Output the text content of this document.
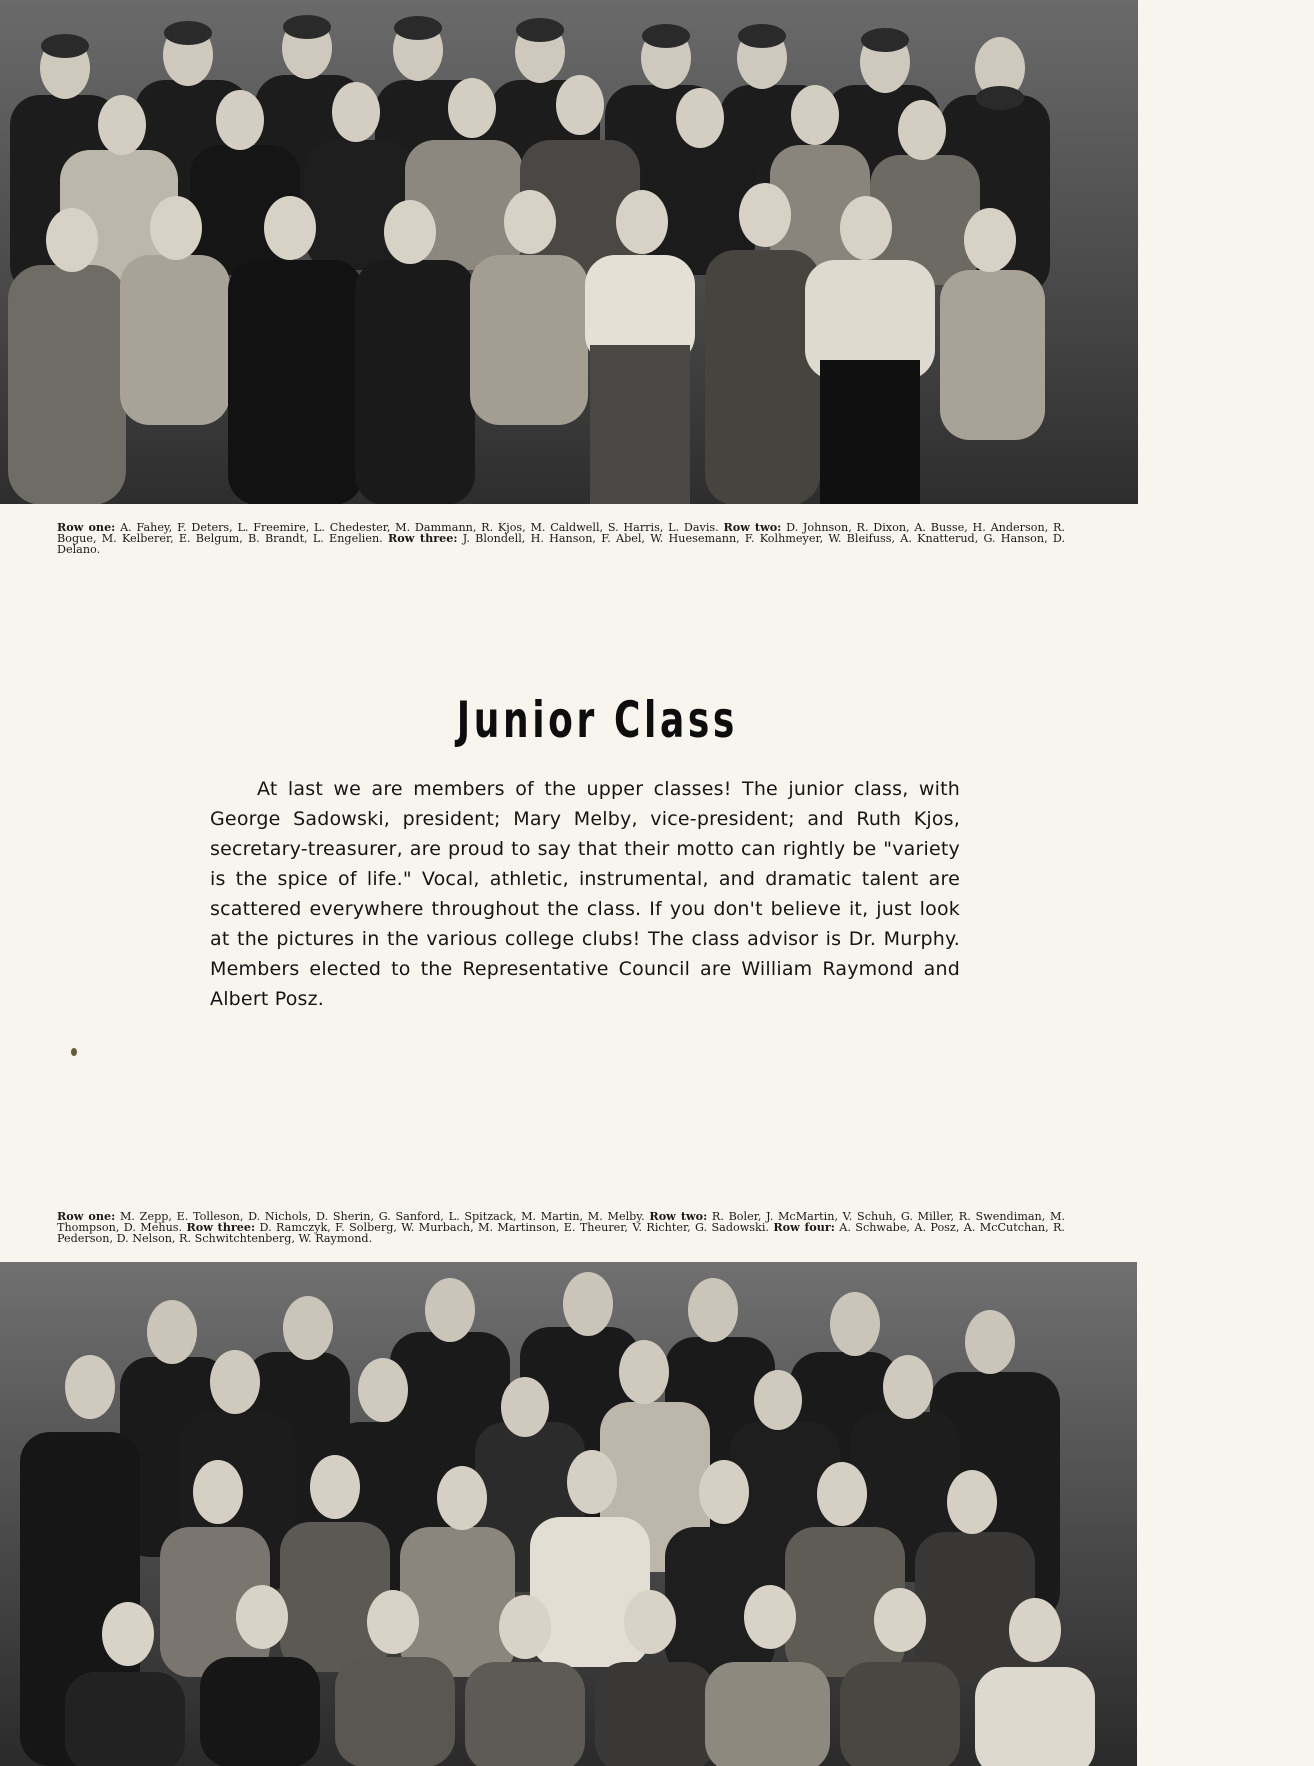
Row one: A. Fahey, F. Deters, L. Freemire, L. Chedester, M. Dammann, R. Kjos, M. Caldwell, S. Harris, L. Davis. Row two: D. Johnson, R. Dixon, A. Busse, H. Anderson, R. Bogue, M. Kelberer, E. Belgum, B. Brandt, L. Engelien. Row three: J. Blondell, H. Hanson, F. Abel, W. Huesemann, F. Kolhmeyer, W. Bleifuss, A. Knatterud, G. Hanson, D. Delano.
Junior Class

At last we are members of the upper classes! The junior class, with George Sadowski, president; Mary Melby, vice-president; and Ruth Kjos, secretary-treasurer, are proud to say that their motto can rightly be "variety is the spice of life." Vocal, athletic, instrumental, and dramatic talent are scattered everywhere throughout the class. If you don't believe it, just look at the pictures in the various college clubs! The class advisor is Dr. Murphy. Members elected to the Representative Council are William Raymond and Albert Posz.

Row one: M. Zepp, E. Tolleson, D. Nichols, D. Sherin, G. Sanford, L. Spitzack, M. Martin, M. Melby. Row two: R. Boler, J. McMartin, V. Schuh, G. Miller, R. Swendiman, M. Thompson, D. Mehus. Row three: D. Ramczyk, F. Solberg, W. Murbach, M. Martinson, E. Theurer, V. Richter, G. Sadowski. Row four: A. Schwabe, A. Posz, A. McCutchan, R. Pederson, D. Nelson, R. Schwitchtenberg, W. Raymond.
